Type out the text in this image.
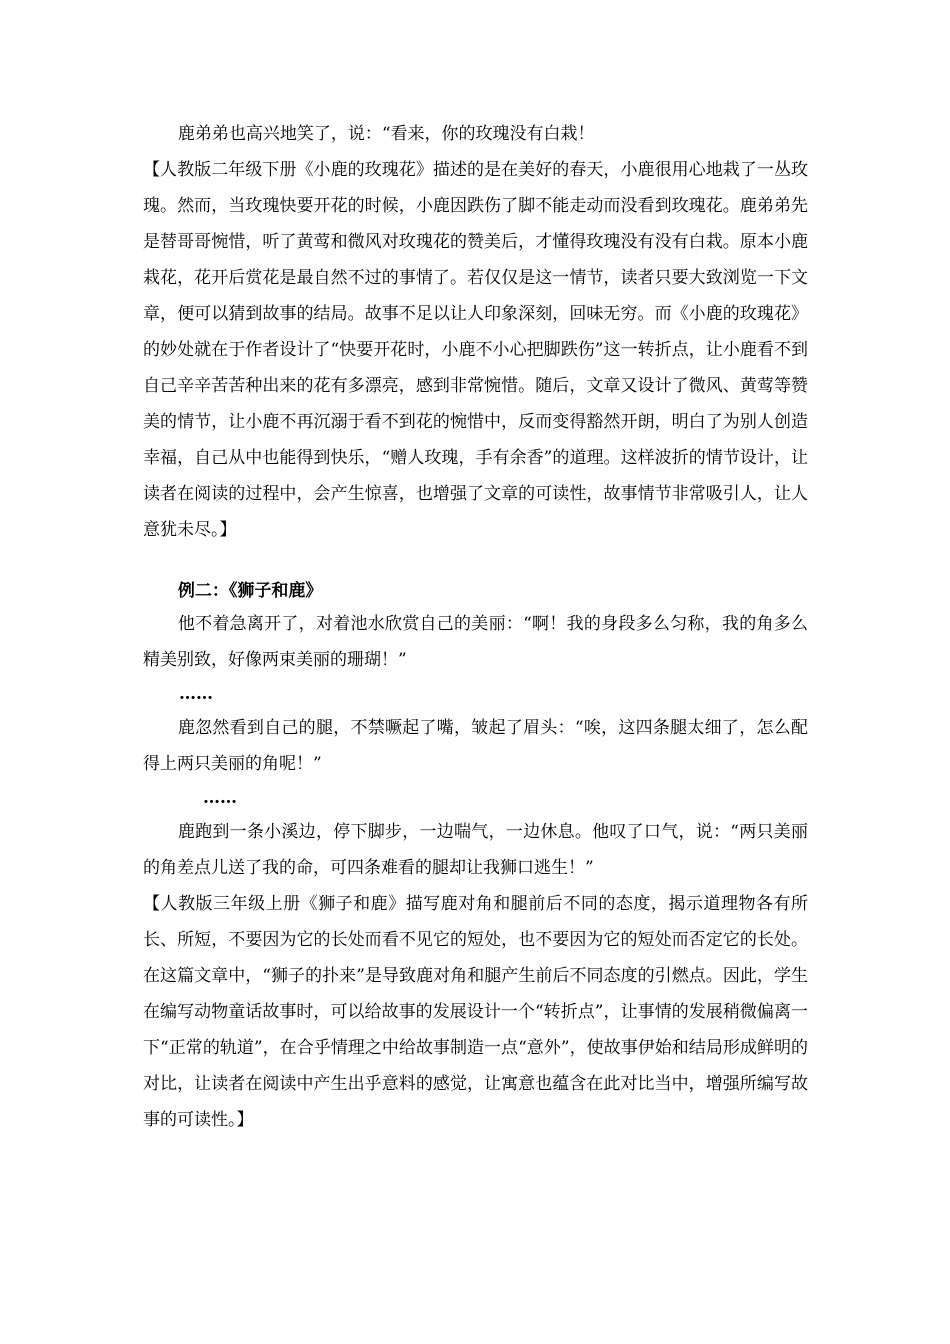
鹿弟弟也高兴地笑了，说：“看来，你的玫瑰没有白栽！

【人教版二年级下册《小鹿的玫瑰花》描述的是在美好的春天，小鹿很用心地栽了一丛玫瑰。然而，当玫瑰快要开花的时候，小鹿因跌伤了脚不能走动而没看到玫瑰花。鹿弟弟先是替哥哥惋惜，听了黄莺和微风对玫瑰花的赞美后，才懂得玫瑰没有没有白栽。原本小鹿栽花，花开后赏花是最自然不过的事情了。若仅仅是这一情节，读者只要大致浏览一下文章，便可以猜到故事的结局。故事不足以让人印象深刻，回味无穷。而《小鹿的玫瑰花》的妙处就在于作者设计了“快要开花时，小鹿不小心把脚跌伤”这一转折点，让小鹿看不到自己辛辛苦苦种出来的花有多漂亮，感到非常惋惜。随后，文章又设计了微风、黄莺等赞美的情节，让小鹿不再沉溺于看不到花的惋惜中，反而变得豁然开朗，明白了为别人创造幸福，自己从中也能得到快乐，“赠人玫瑰，手有余香”的道理。这样波折的情节设计，让读者在阅读的过程中，会产生惊喜，也增强了文章的可读性，故事情节非常吸引人，让人意犹未尽。】

例二：《狮子和鹿》

他不着急离开了，对着池水欣赏自己的美丽：“啊！我的身段多么匀称，我的角多么精美别致，好像两束美丽的珊瑚！”

……

鹿忽然看到自己的腿，不禁噘起了嘴，皱起了眉头：“唉，这四条腿太细了，怎么配得上两只美丽的角呢！”

……

鹿跑到一条小溪边，停下脚步，一边喘气，一边休息。他叹了口气，说：“两只美丽的角差点儿送了我的命，可四条难看的腿却让我狮口逃生！”

【人教版三年级上册《狮子和鹿》描写鹿对角和腿前后不同的态度，揭示道理物各有所长、所短，不要因为它的长处而看不见它的短处，也不要因为它的短处而否定它的长处。在这篇文章中，“狮子的扑来”是导致鹿对角和腿产生前后不同态度的引燃点。因此，学生在编写动物童话故事时，可以给故事的发展设计一个“转折点”，让事情的发展稍微偏离一下“正常的轨道”，在合乎情理之中给故事制造一点“意外”，使故事伊始和结局形成鲜明的对比，让读者在阅读中产生出乎意料的感觉，让寓意也蕴含在此对比当中，增强所编写故事的可读性。】
